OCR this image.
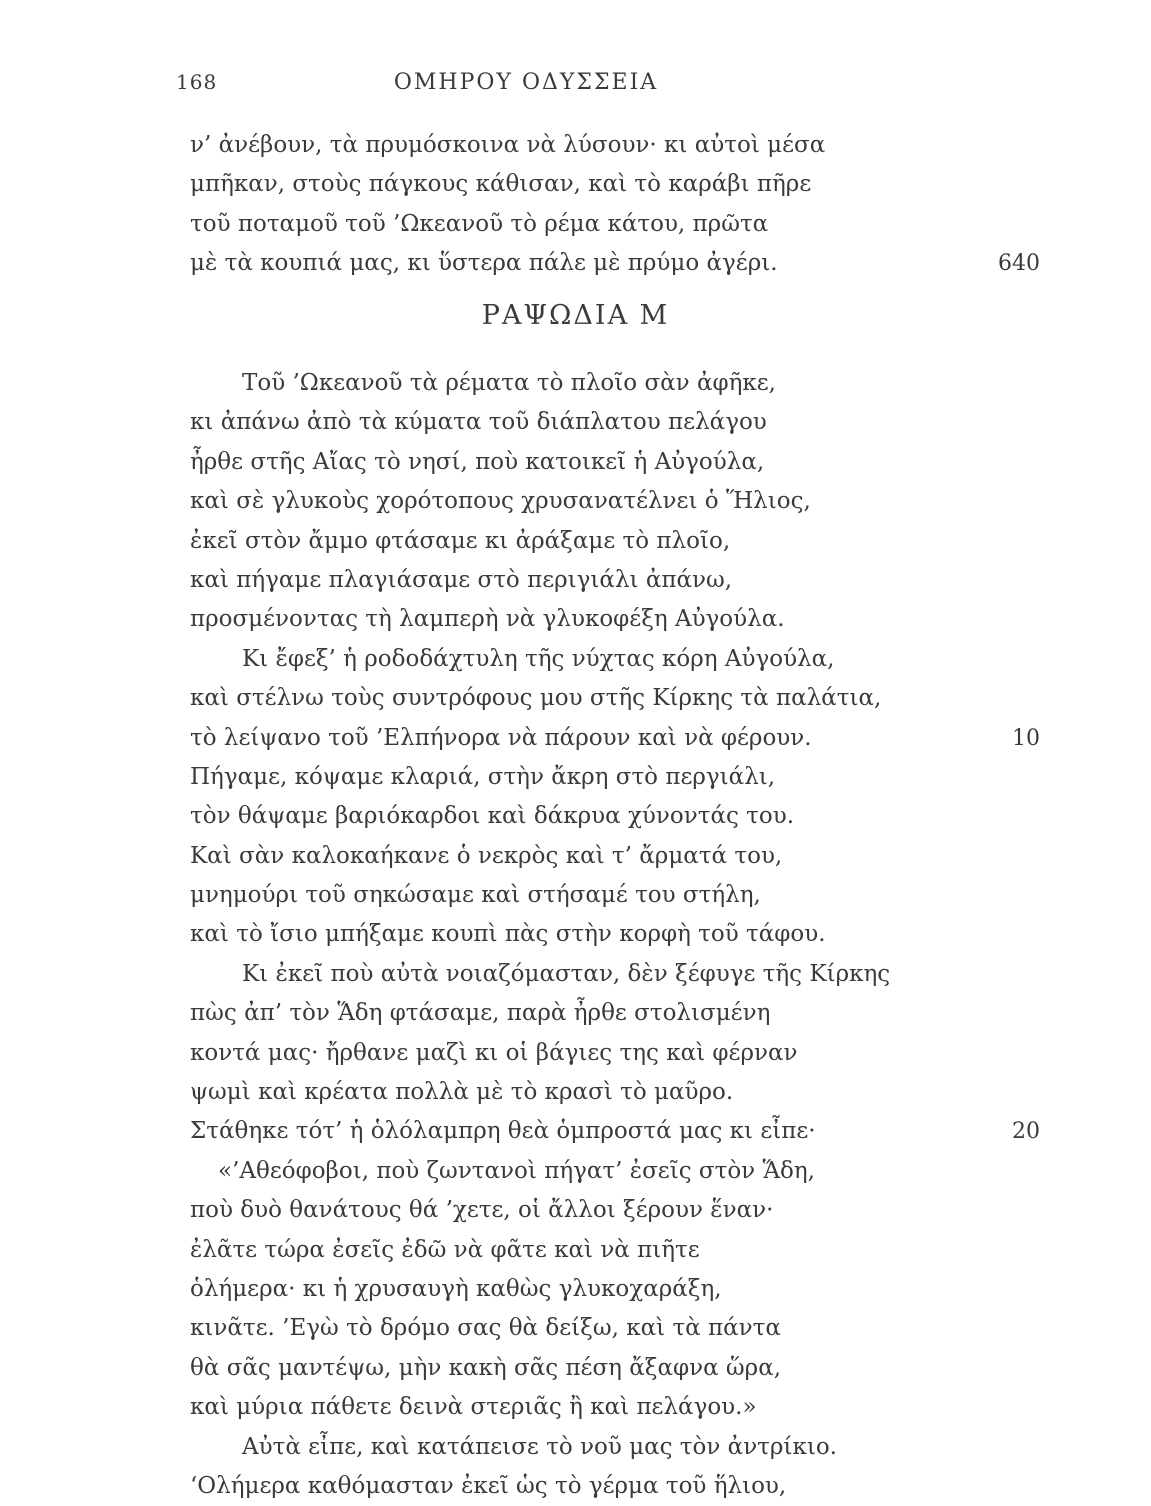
168	ΟΜΗΡΟΥ ΟΔΥΣΣΕΙΑ
ν’ ἀνέβουν, τὰ πρυμόσκοινα νὰ λύσουν· κι αὐτοὶ μέσα
μπῆκαν, στοὺς πάγκους κάθισαν, καὶ τὸ καράβι πῆρε
τοῦ ποταμοῦ τοῦ ’Ωκεανοῦ τὸ ρέμα κάτου, πρῶτα
μὲ τὰ κουπιά μας, κι ὕστερα πάλε μὲ πρύμο ἀγέρι.	640
ΡΑΨΩΔΙΑ Μ
Τοῦ ’Ωκεανοῦ τὰ ρέματα τὸ πλοῖο σὰν ἀφῆκε,
κι ἀπάνω ἀπὸ τὰ κύματα τοῦ διάπλατου πελάγου
ἦρθε στῆς Αἴας τὸ νησί, ποὺ κατοικεῖ ἡ Αὐγούλα,
καὶ σὲ γλυκοὺς χορότοπους χρυσανατέλνει ὁ Ἥλιος,
ἐκεῖ στὸν ἄμμο φτάσαμε κι ἀράξαμε τὸ πλοῖο,
καὶ πήγαμε πλαγιάσαμε στὸ περιγιάλι ἀπάνω,
προσμένοντας τὴ λαμπερὴ νὰ γλυκοφέξη Αὐγούλα.
Κι ἔφεξ’ ἡ ροδοδάχτυλη τῆς νύχτας κόρη Αὐγούλα,
καὶ στέλνω τοὺς συντρόφους μου στῆς Κίρκης τὰ παλάτια,
τὸ λείψανο τοῦ ’Ελπήνορα νὰ πάρουν καὶ νὰ φέρουν.	10
Πήγαμε, κόψαμε κλαριά, στὴν ἄκρη στὸ περγιάλι,
τὸν θάψαμε βαριόκαρδοι καὶ δάκρυα χύνοντάς του.
Καὶ σὰν καλοκαήκανε ὁ νεκρὸς καὶ τ’ ἄρματά του,
μνημούρι τοῦ σηκώσαμε καὶ στήσαμέ του στήλη,
καὶ τὸ ἴσιο μπήξαμε κουπὶ πὰς στὴν κορφὴ τοῦ τάφου.
Κι ἐκεῖ ποὺ αὐτὰ νοιαζόμασταν, δὲν ξέφυγε τῆς Κίρκης
πὼς ἀπ’ τὸν Ἅδη φτάσαμε, παρὰ ἦρθε στολισμένη
κοντά μας· ἤρθανε μαζὶ κι οἱ βάγιες της καὶ φέρναν
ψωμὶ καὶ κρέατα πολλὰ μὲ τὸ κρασὶ τὸ μαῦρο.
Στάθηκε τότ’ ἡ ὁλόλαμπρη θεὰ ὁμπροστά μας κι εἶπε·	20
«’Αθεόφοβοι, ποὺ ζωντανοὶ πήγατ’ ἐσεῖς στὸν Ἅδη,
ποὺ δυὸ θανάτους θά ’χετε, οἱ ἄλλοι ξέρουν ἕναν·
ἐλᾶτε τώρα ἐσεῖς ἐδῶ νὰ φᾶτε καὶ νὰ πιῆτε
ὁλήμερα· κι ἡ χρυσαυγὴ καθὼς γλυκοχαράξη,
κινᾶτε. ’Εγὼ τὸ δρόμο σας θὰ δείξω, καὶ τὰ πάντα
θὰ σᾶς μαντέψω, μὴν κακὴ σᾶς πέση ἄξαφνα ὥρα,
καὶ μύρια πάθετε δεινὰ στεριᾶς ἢ καὶ πελάγου.»
Αὐτὰ εἶπε, καὶ κατάπεισε τὸ νοῦ μας τὸν ἀντρίκιο.
‘Ολήμερα καθόμασταν ἐκεῖ ὡς τὸ γέρμα τοῦ ἥλιου,
